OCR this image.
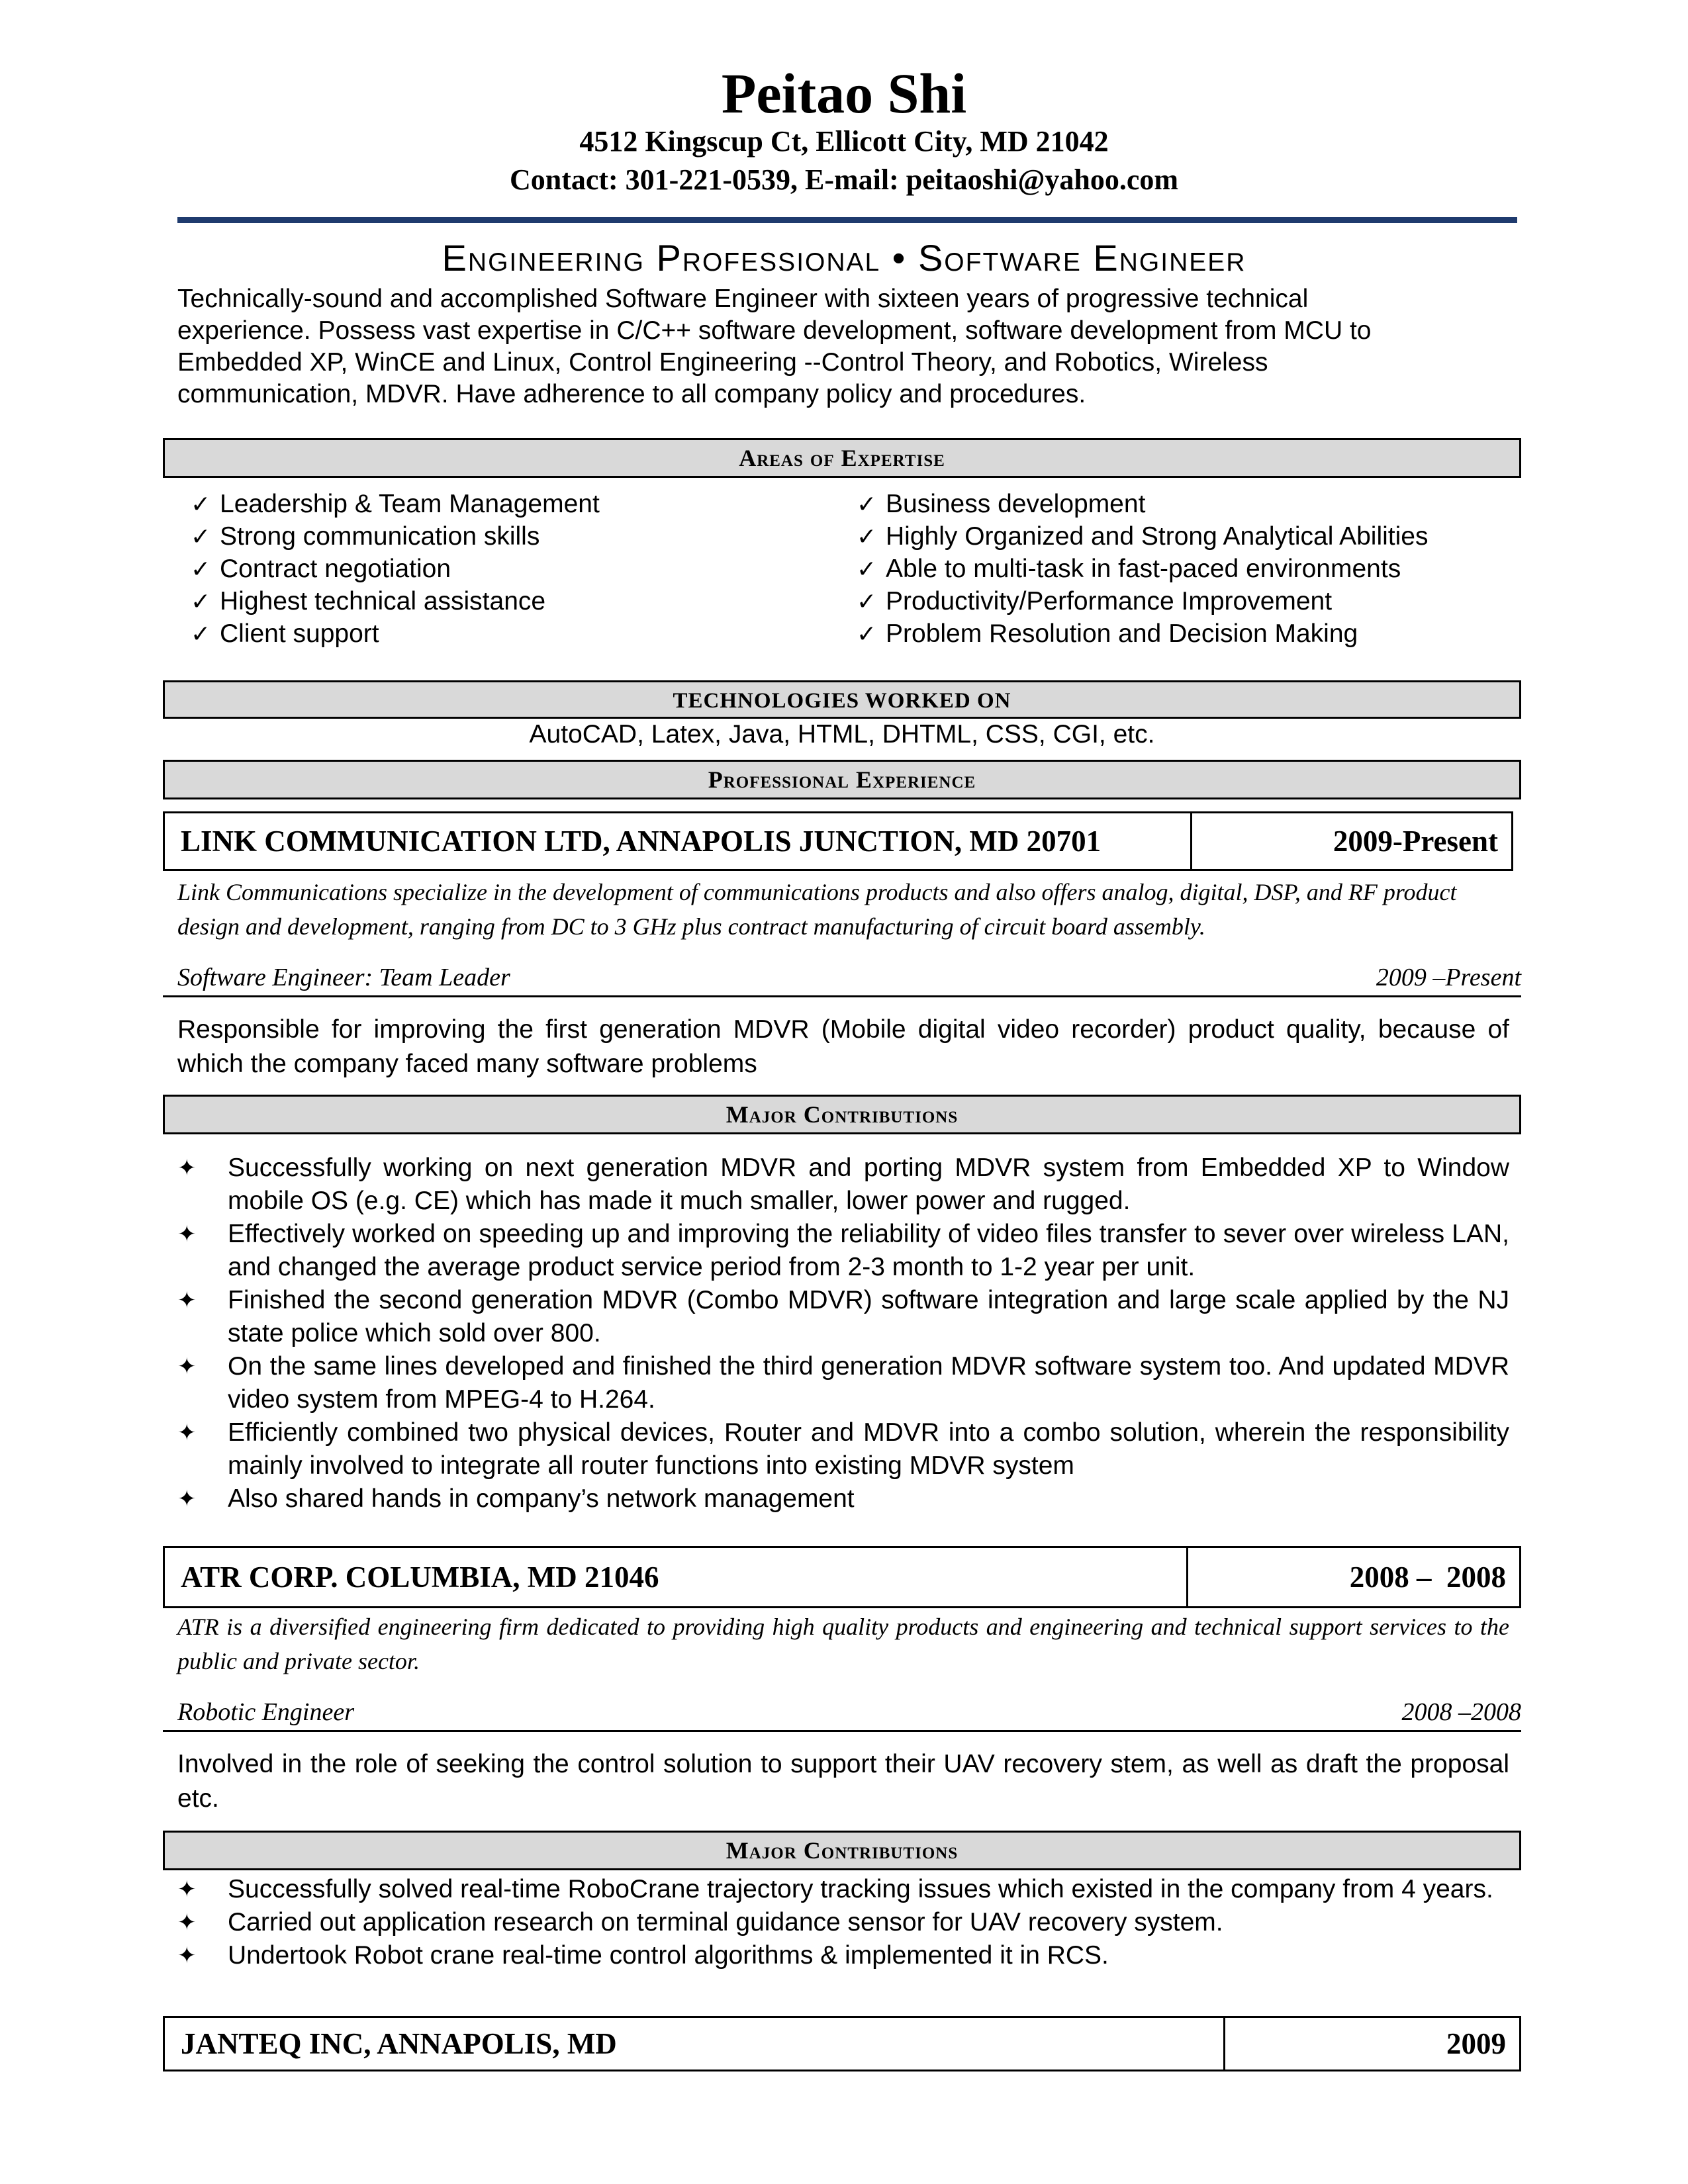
Peitao Shi
4512 Kingscup Ct, Ellicott City, MD 21042
Contact: 301-221-0539, E-mail: peitaoshi@yahoo.com
Engineering Professional • Software Engineer
Technically-sound and accomplished Software Engineer with sixteen years of progressive technical experience. Possess vast expertise in C/C++ software development, software development from MCU to Embedded XP, WinCE and Linux, Control Engineering --Control Theory, and Robotics, Wireless communication, MDVR. Have adherence to all company policy and procedures.
Areas of Expertise
✓ Leadership & Team Management
✓ Strong communication skills
✓ Contract negotiation
✓ Highest technical assistance
✓ Client support
✓ Business development
✓ Highly Organized and Strong Analytical Abilities
✓ Able to multi-task in fast-paced environments
✓ Productivity/Performance Improvement
✓ Problem Resolution and Decision Making
TECHNOLOGIES WORKED ON
AutoCAD, Latex, Java, HTML, DHTML, CSS, CGI, etc.
Professional Experience
LINK COMMUNICATION LTD, ANNAPOLIS JUNCTION, MD 20701	2009-Present
Link Communications specialize in the development of communications products and also offers analog, digital, DSP, and RF product design and development, ranging from DC to 3 GHz plus contract manufacturing of circuit board assembly.
Software Engineer: Team Leader	2009 –Present
Responsible for improving the first generation MDVR (Mobile digital video recorder) product quality, because of which the company faced many software problems
Major Contributions
✦ Successfully working on next generation MDVR and porting MDVR system from Embedded XP to Window mobile OS (e.g. CE) which has made it much smaller, lower power and rugged.
✦ Effectively worked on speeding up and improving the reliability of video files transfer to sever over wireless LAN, and changed the average product service period from 2-3 month to 1-2 year per unit.
✦ Finished the second generation MDVR (Combo MDVR) software integration and large scale applied by the NJ state police which sold over 800.
✦ On the same lines developed and finished the third generation MDVR software system too. And updated MDVR video system from MPEG-4 to H.264.
✦ Efficiently combined two physical devices, Router and MDVR into a combo solution, wherein the responsibility mainly involved to integrate all router functions into existing MDVR system
✦ Also shared hands in company’s network management
ATR CORP. COLUMBIA, MD 21046	2008 –  2008
ATR is a diversified engineering firm dedicated to providing high quality products and engineering and technical support services to the public and private sector.
Robotic Engineer	2008 –2008
Involved in the role of seeking the control solution to support their UAV recovery stem, as well as draft the proposal etc.
Major Contributions
✦ Successfully solved real-time RoboCrane trajectory tracking issues which existed in the company from 4 years.
✦ Carried out application research on terminal guidance sensor for UAV recovery system.
✦ Undertook Robot crane real-time control algorithms & implemented it in RCS.
JANTEQ INC, ANNAPOLIS, MD	2009
